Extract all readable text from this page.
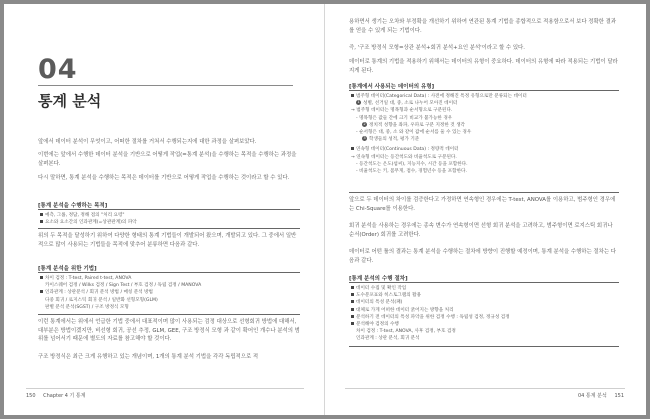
04
통계 분석
앞에서 데이터 분석이 무엇이고, 어떠한 절차를 거쳐서 수행되는지에 대한 과정을 살펴보았다.
이번에는 앞에서 수행한 데이터 분석을 기반으로 어떻게 작업(=통계 분석)을 수행하는 목적을 수행하는 과정을 살펴본다.
다시 말하면, 통계 분석을 수행하는 목적은 데이터를 기반으로 어떻게 작업을 수행하는 것이라고 할 수 있다.
[통계 분석을 수행하는 목적]
예측, 그룹, 정답, 정해 점의 "처리 요령"
요소와 요소간의 인과관계(=상관관계)의 파악
위의 두 목적을 달성하기 위하여 다양한 형태의 통계 기법들이 개발되어 왔으며, 개발되고 있다. 그 중에서 일반적으로 많이 사용되는 기법들을 목적에 맞추어 분류하면 다음과 같다.
[통계 분석을 위한 기법]
차이 검정 : T-test, Paired t-test, ANOVA
카이스퀘어 검정 / Wilks 검정 / Sign Test / 부호 검정 / 독립 검정 / MANOVA
인과관계 : 상관분석 / 회귀 분석 방법 / 매칭 분석 방법
다중 회귀 / 로지스틱 회귀 분석 / 일반화 선형모형(GLM)
판별 분석 분석(SGST) / 구조 방정식 모형
이런 통계에서는 위에서 언급한 기법 중에서 대표적이며 많이 사용되는 검정 대상으로 선형회귀 방법에 대해서, 대부분은 방법이겠지만, 비선형 회귀, 공선 추정, GLM, GEE, 구조 방정식 모형 과 같이 확어인 개수나 분석의 범위를 넘어서기 때문에 별도의 자료를 참고해야 할 것이다.
구조 방정식은 최근 크게 유행하고 있는 개념이며, 1개의 통계 분석 기법을 각각 독립적으로 적
150 Chapter 4 기 통계
용하면서 생기는 오차와 부정확을 개선하기 위하여 연관된 통계 기법을 종합적으로 적용함으로서 보다 정확한 결과를 얻을 수 있게 되는 기법이다.
즉, '구조 방정식 모형=상관 분석+회귀 분석+요인 분석'이라고 할 수 있다.
데이터로 통계의 기법을 적용하기 위해서는 데이터의 유형이 중요하다. 데이터의 유형에 따라 적용되는 기법이 달라지게 된다.
[통계에서 사용되는 데이터의 유형]
범주형 데이터(Categorical Data) : 사전에 정해진 특정 유형으로만 분류되는 데이터
1 성별, 선거일 대, 중, 소로 나누어 모아진 데이터
→ 범주형 데이터는 명목형과 순서형으로 구분된다.
- 명목형은 값들 간에 크기 비교가 불가능한 경우
2 정치적 성향을 좌파, 우파로 구분 지정한 것 생각
- 순서형은 대, 중, 소 와 같이 값에 순서를 둘 수 있는 경우
3 학생들의 성적, 평가 기준
연속형 데이터(Continuous Data) : 정량적 데이터
→ 연속형 데이터는 등간척도와 비율척도로 구분된다.
- 등간척도는 온도(섭씨), 지능지수, 시간 등을 포함한다.
- 비율척도는 키, 몸무게, 점수, 경험년수 등을 포함한다.
앞으로 두 데이터의 차이를 검증한다고 가정하면 연속형인 경우에는 T-test, ANOVA를 이용하고, 범주형인 경우에는 Chi-Square를 이용한다.
회귀 분석을 사용하는 경우에는 종속 변수가 연속형이면 선형 회귀 분석을 고려하고, 범주형이면 로지스틱 회귀나 순서(Order) 회귀를 고려한다.
데이터로 어떤 툴의 결과는 통계 분석을 수행하는 절차에 방향이 진행할 예정이며, 통계 분석을 수행하는 절차는 다음과 같다.
[통계 분석의 수행 절차]
데이터 수집 및 확인 작업
도수분포표와 히스토그램의 활용
데이터의 특성 분석(패)
대체로 가게 어떠한 데이터 굵어지는 방향을 처리
분석하기 전 데이터의 특성 파악을 위한 검정 수행 : 독립성 검정, 정규성 검정
분석해야 검정의 수행
차이 검정 : T-test, ANOVA, 사후 검정, 부호 검정
인과관계 : 상관 분석, 회귀 분석
04 통계 분석 151
